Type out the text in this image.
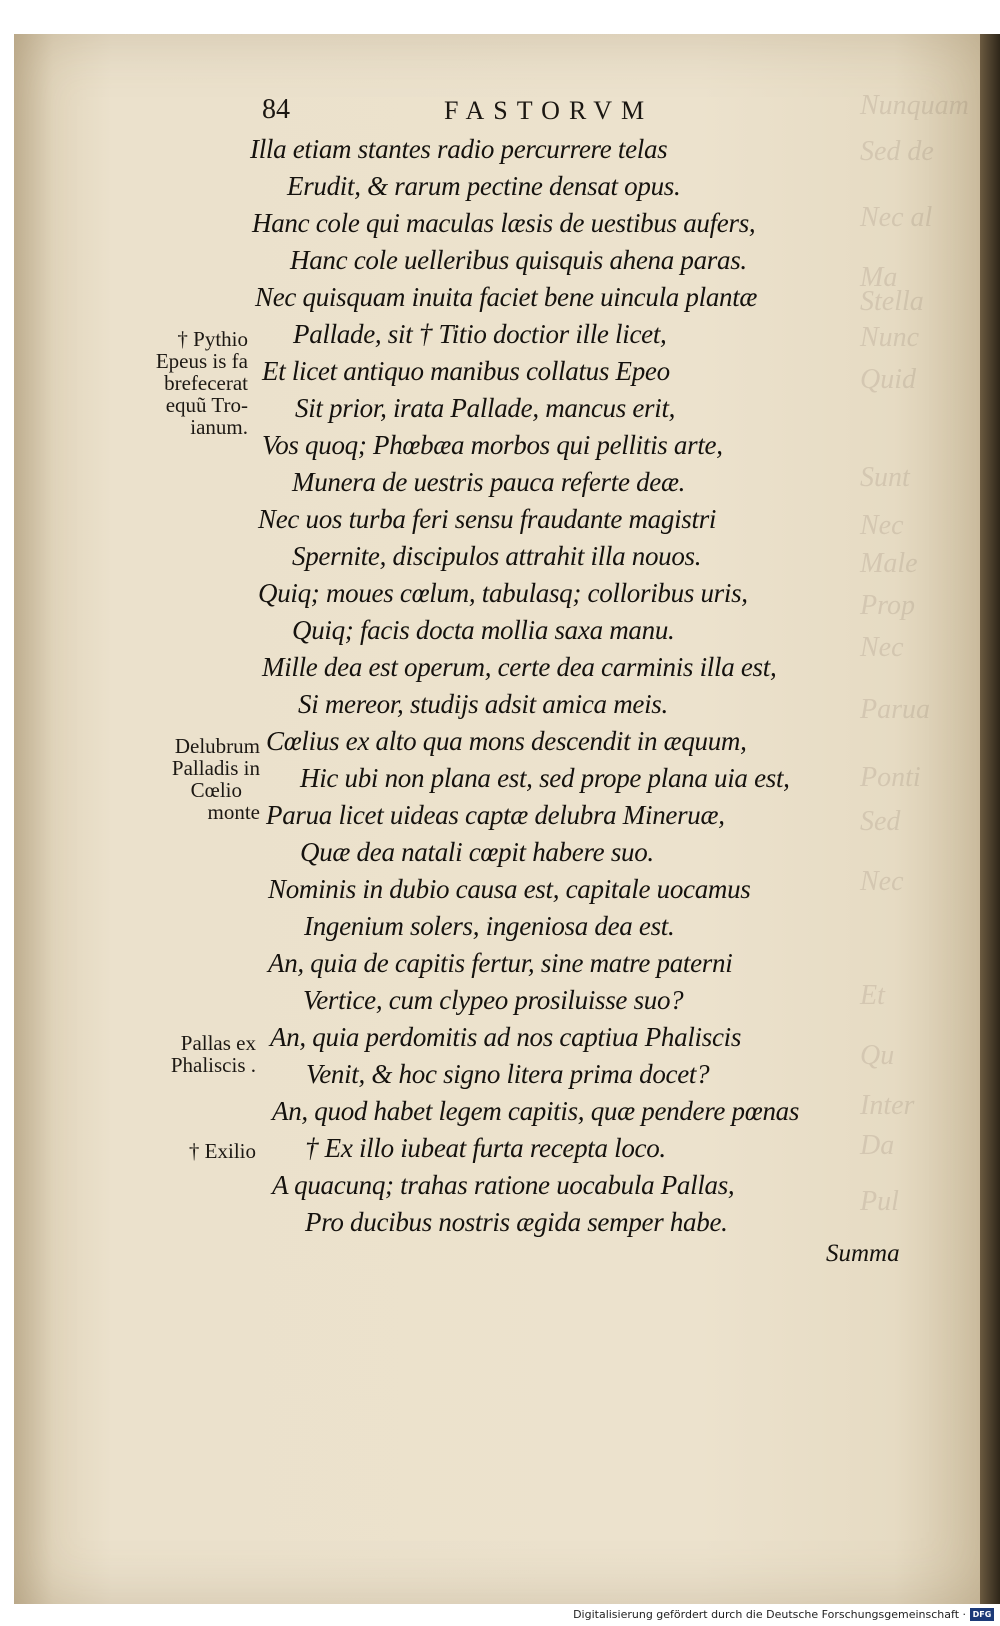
Nunquam
Sed de
Nec al
Ma
Stella
Nunc
Quid
Sunt
Nec
Male
Prop
Nec
Parua
Ponti
Sed
Nec
Et
Qu
Inter
Da
Pul
84	FASTORVM
Illa etiam stantes radio percurrere telas
Erudit, & rarum pectine densat opus.
Hanc cole qui maculas læsis de uestibus aufers,
Hanc cole uelleribus quisquis ahena paras.
Nec quisquam inuita faciet bene uincula plantæ
Pallade, sit † Titio doctior ille licet,
Et licet antiquo manibus collatus Epeo
Sit prior, irata Pallade, mancus erit,
Vos quoq; Phœbæa morbos qui pellitis arte,
Munera de uestris pauca referte deæ.
Nec uos turba feri sensu fraudante magistri
Spernite, discipulos attrahit illa nouos.
Quiq; moues cœlum, tabulasq; colloribus uris,
Quiq; facis docta mollia saxa manu.
Mille dea est operum, certe dea carminis illa est,
Si mereor, studijs adsit amica meis.
Cœlius ex alto qua mons descendit in æquum,
Hic ubi non plana est, sed prope plana uia est,
Parua licet uideas captæ delubra Mineruæ,
Quæ dea natali cœpit habere suo.
Nominis in dubio causa est, capitale uocamus
Ingenium solers, ingeniosa dea est.
An, quia de capitis fertur, sine matre paterni
Vertice, cum clypeo prosiluisse suo?
An, quia perdomitis ad nos captiua Phaliscis
Venit, & hoc signo litera prima docet?
An, quod habet legem capitis, quæ pendere pœnas
† Ex illo iubeat furta recepta loco.
A quacunq; trahas ratione uocabula Pallas,
Pro ducibus nostris ægida semper habe.
† Pythio
Epeus is fa
brefecerat
equũ Tro-
ianum.
Delubrum
Palladis in
Cœlio
monte
Pallas ex
Phaliscis .
† Exilio
Summa
Digitalisierung gefördert durch die Deutsche Forschungsgemeinschaft · DFG
